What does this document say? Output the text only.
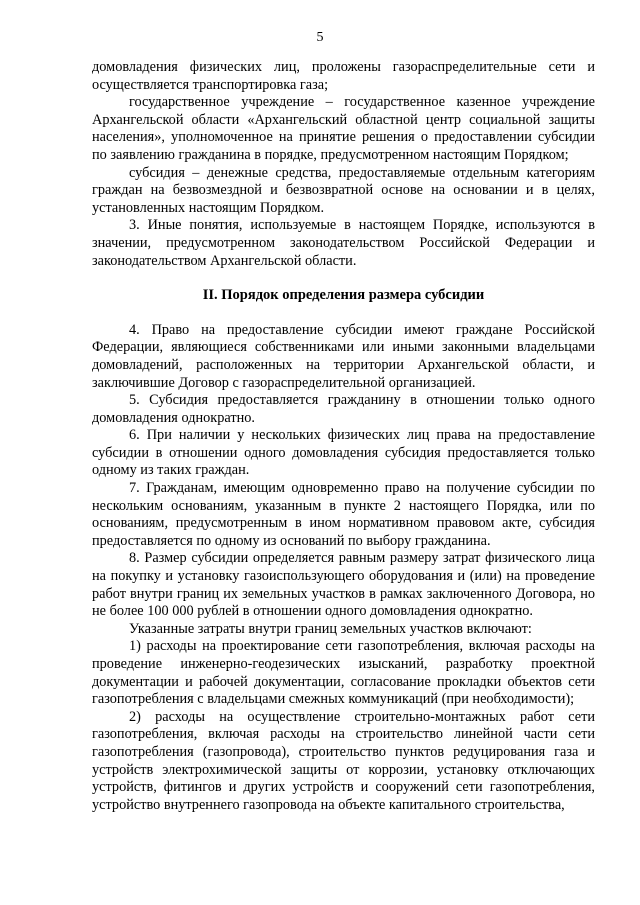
5

домовладения физических лиц, проложены газораспределительные сети и осуществляется транспортировка газа;

государственное учреждение – государственное казенное учреждение Архангельской области «Архангельский областной центр социальной защиты населения», уполномоченное на принятие решения о предоставлении субсидии по заявлению гражданина в порядке, предусмотренном настоящим Порядком;

субсидия – денежные средства, предоставляемые отдельным категориям граждан на безвозмездной и безвозвратной основе на основании и в целях, установленных настоящим Порядком.

3. Иные понятия, используемые в настоящем Порядке, используются в значении, предусмотренном законодательством Российской Федерации и законодательством Архангельской области.

II. Порядок определения размера субсидии

4. Право на предоставление субсидии имеют граждане Российской Федерации, являющиеся собственниками или иными законными владельцами домовладений, расположенных на территории Архангельской области, и заключившие Договор с газораспределительной организацией.

5. Субсидия предоставляется гражданину в отношении только одного домовладения однократно.

6. При наличии у нескольких физических лиц права на предоставление субсидии в отношении одного домовладения субсидия предоставляется только одному из таких граждан.

7. Гражданам, имеющим одновременно право на получение субсидии по нескольким основаниям, указанным в пункте 2 настоящего Порядка, или по основаниям, предусмотренным в ином нормативном правовом акте, субсидия предоставляется по одному из оснований по выбору гражданина.

8. Размер субсидии определяется равным размеру затрат физического лица на покупку и установку газоиспользующего оборудования и (или) на проведение работ внутри границ их земельных участков в рамках заключенного Договора, но не более 100 000 рублей в отношении одного домовладения однократно.

Указанные затраты внутри границ земельных участков включают:

1) расходы на проектирование сети газопотребления, включая расходы на проведение инженерно-геодезических изысканий, разработку проектной документации и рабочей документации, согласование прокладки объектов сети газопотребления с владельцами смежных коммуникаций (при необходимости);

2) расходы на осуществление строительно-монтажных работ сети газопотребления, включая расходы на строительство линейной части сети газопотребления (газопровода), строительство пунктов редуцирования газа и устройств электрохимической защиты от коррозии, установку отключающих устройств, фитингов и других устройств и сооружений сети газопотребления, устройство внутреннего газопровода на объекте капитального строительства,
